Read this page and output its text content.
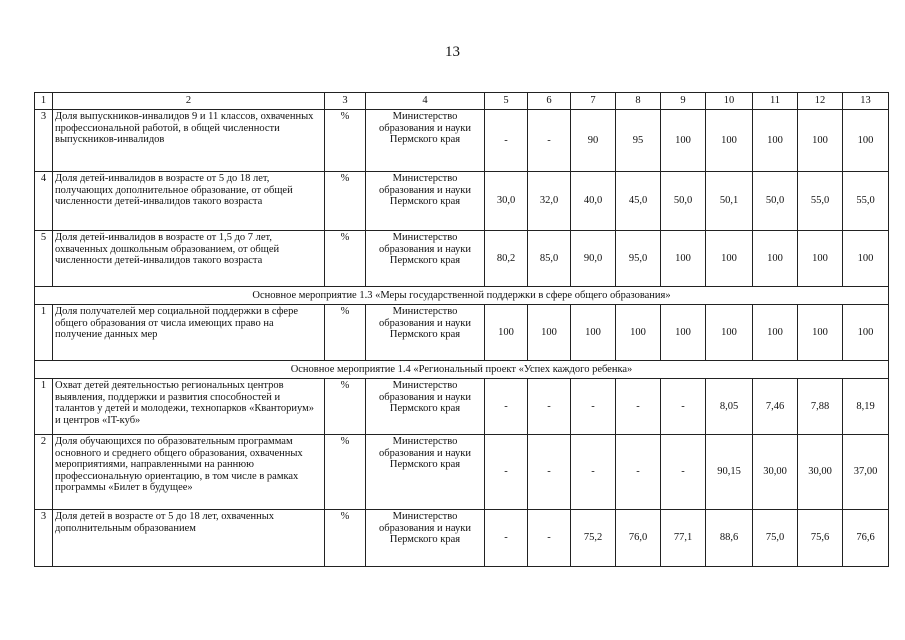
13
1	2	3	4	5	6	7	8	9	10	11	12	13
3	Доля выпускников-инвалидов 9 и 11 классов, охваченных профессиональной работой, в общей численности выпускников-инвалидов	%	Министерство образования и науки Пермского края	-	-	90	95	100	100	100	100	100
4	Доля детей-инвалидов в возрасте от 5 до 18 лет, получающих дополнительное образование, от общей численности детей-инвалидов такого возраста	%	Министерство образования и науки Пермского края	30,0	32,0	40,0	45,0	50,0	50,1	50,0	55,0	55,0
5	Доля детей-инвалидов в возрасте от 1,5 до 7 лет, охваченных дошкольным образованием, от общей численности детей-инвалидов такого возраста	%	Министерство образования и науки Пермского края	80,2	85,0	90,0	95,0	100	100	100	100	100
Основное мероприятие 1.3 «Меры государственной поддержки в сфере общего образования»												
1	Доля получателей мер социальной поддержки в сфере общего образования от числа имеющих право на получение данных мер	%	Министерство образования и науки Пермского края	100	100	100	100	100	100	100	100	100
Основное мероприятие 1.4 «Региональный проект «Успех каждого ребенка»												
1	Охват детей деятельностью региональных центров выявления, поддержки и развития способностей и талантов у детей и молодежи, технопарков «Кванториум» и центров «IT-куб»	%	Министерство образования и науки Пермского края	-	-	-	-	-	8,05	7,46	7,88	8,19
2	Доля обучающихся по образовательным программам основного и среднего общего образования, охваченных мероприятиями, направленными на раннюю профессиональную ориентацию, в том числе в рамках программы «Билет в будущее»	%	Министерство образования и науки Пермского края	-	-	-	-	-	90,15	30,00	30,00	37,00
3	Доля детей в возрасте от 5 до 18 лет, охваченных дополнительным образованием	%	Министерство образования и науки Пермского края	-	-	75,2	76,0	77,1	88,6	75,0	75,6	76,6
